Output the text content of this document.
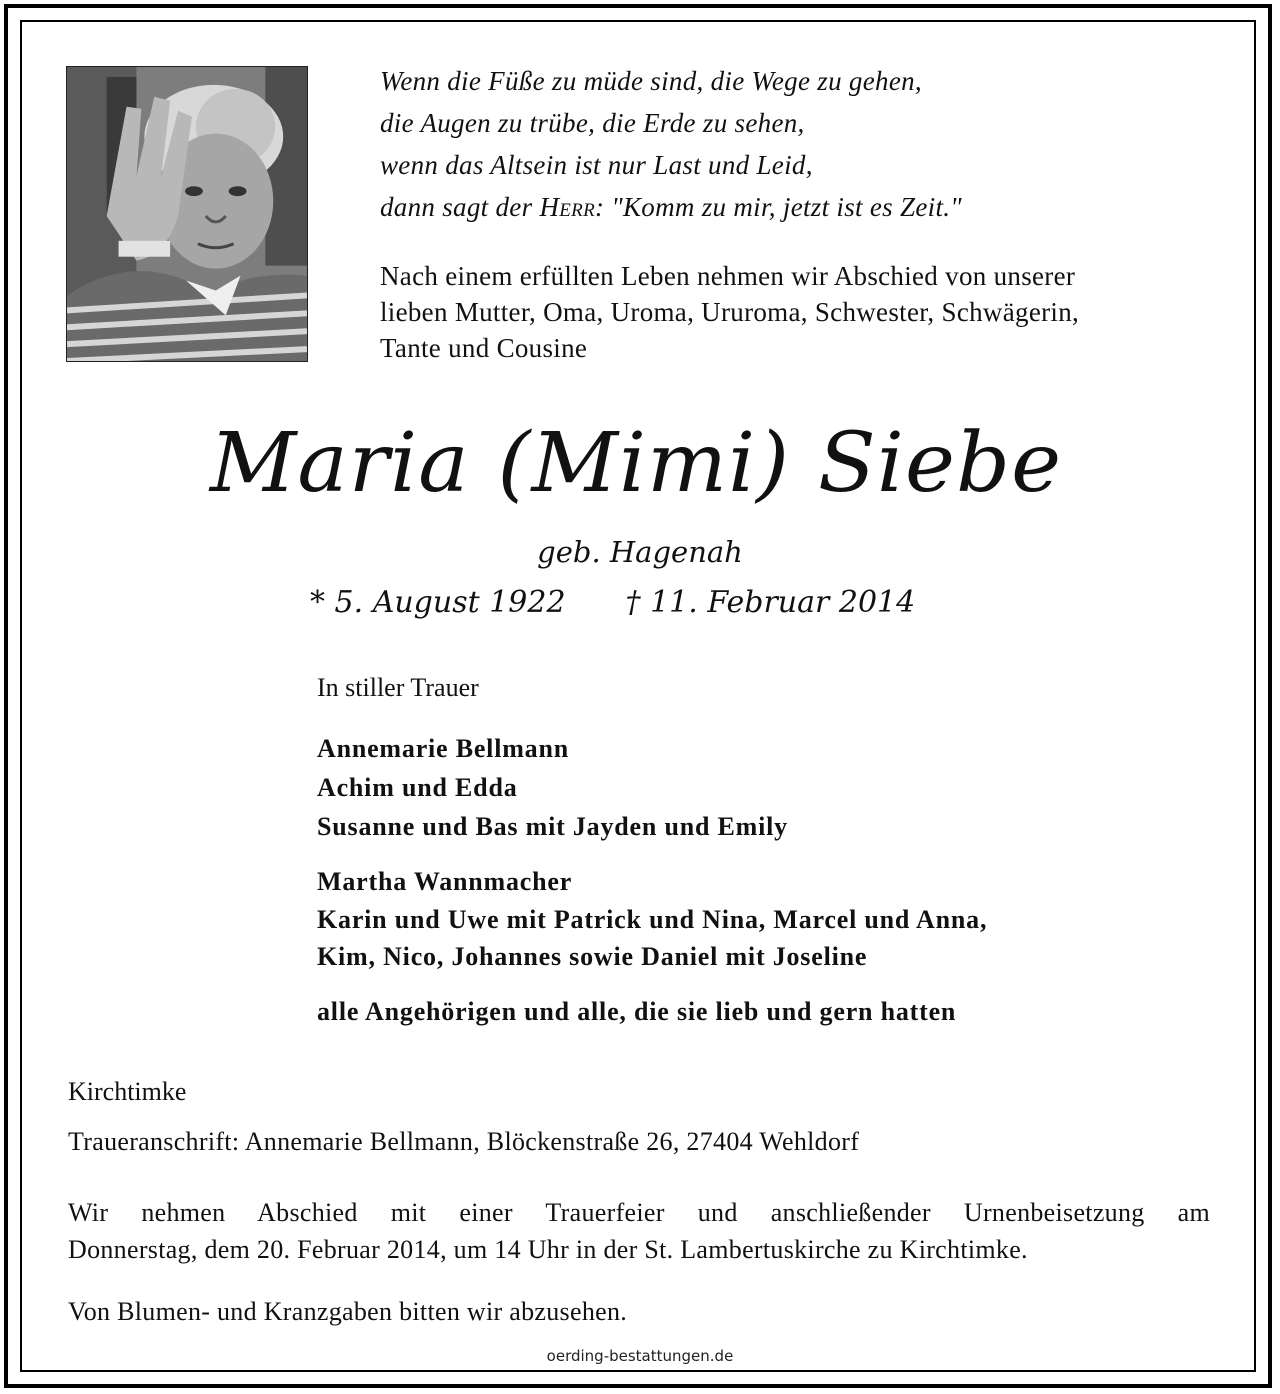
Wenn die Füße zu müde sind, die Wege zu gehen,
die Augen zu trübe, die Erde zu sehen,
wenn das Altsein ist nur Last und Leid,
dann sagt der Herr: "Komm zu mir, jetzt ist es Zeit."
Nach einem erfüllten Leben nehmen wir Abschied von unserer
lieben Mutter, Oma, Uroma, Ururoma, Schwester, Schwägerin,
Tante und Cousine
Maria (Mimi) Siebe
geb. Hagenah
* 5. August 1922 † 11. Februar 2014
In stiller Trauer
Annemarie Bellmann
Achim und Edda
Susanne und Bas mit Jayden und Emily
Martha Wannmacher
Karin und Uwe mit Patrick und Nina, Marcel und Anna,
Kim, Nico, Johannes sowie Daniel mit Joseline
alle Angehörigen und alle, die sie lieb und gern hatten
Kirchtimke
Traueranschrift: Annemarie Bellmann, Blöckenstraße 26, 27404 Wehldorf
Wir nehmen Abschied mit einer Trauerfeier und anschließender Urnenbeisetzung am
Donnerstag, dem 20. Februar 2014, um 14 Uhr in der St. Lambertuskirche zu Kirchtimke.
Von Blumen- und Kranzgaben bitten wir abzusehen.
oerding-bestattungen.de
